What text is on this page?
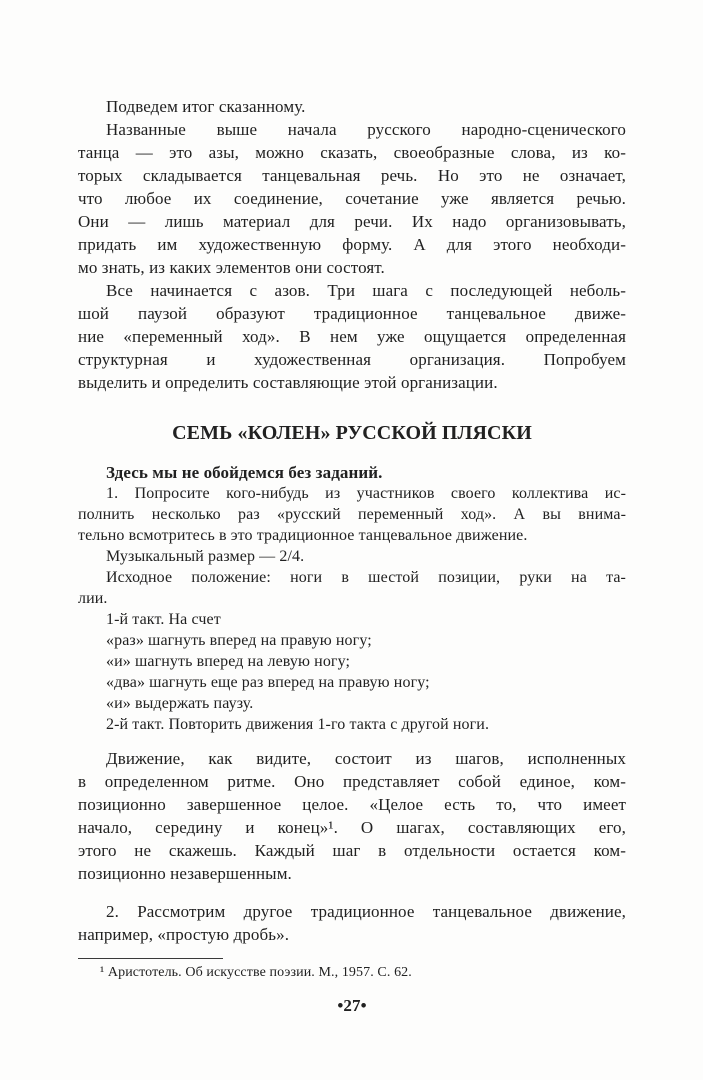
Подведем итог сказанному.
Названные выше начала русского народно-сценического
танца — это азы, можно сказать, своеобразные слова, из ко-
торых складывается танцевальная речь. Но это не означает,
что любое их соединение, сочетание уже является речью.
Они — лишь материал для речи. Их надо организовывать,
придать им художественную форму. А для этого необходи-
мо знать, из каких элементов они состоят.
Все начинается с азов. Три шага с последующей неболь-
шой паузой образуют традиционное танцевальное движе-
ние «переменный ход». В нем уже ощущается определенная
структурная и художественная организация. Попробуем
выделить и определить составляющие этой организации.
СЕМЬ «КОЛЕН» РУССКОЙ ПЛЯСКИ
Здесь мы не обойдемся без заданий.
1. Попросите кого-нибудь из участников своего коллектива ис-
полнить несколько раз «русский переменный ход». А вы внима-
тельно всмотритесь в это традиционное танцевальное движение.
Музыкальный размер — 2/4.
Исходное положение: ноги в шестой позиции, руки на та-
лии.
1-й такт. На счет
«раз» шагнуть вперед на правую ногу;
«и» шагнуть вперед на левую ногу;
«два» шагнуть еще раз вперед на правую ногу;
«и» выдержать паузу.
2-й такт. Повторить движения 1-го такта с другой ноги.
Движение, как видите, состоит из шагов, исполненных
в определенном ритме. Оно представляет собой единое, ком-
позиционно завершенное целое. «Целое есть то, что имеет
начало, середину и конец»¹. О шагах, составляющих его,
этого не скажешь. Каждый шаг в отдельности остается ком-
позиционно незавершенным.
2. Рассмотрим другое традиционное танцевальное движение,
например, «простую дробь».
¹ Аристотель. Об искусстве поэзии. М., 1957. С. 62.
•27•
